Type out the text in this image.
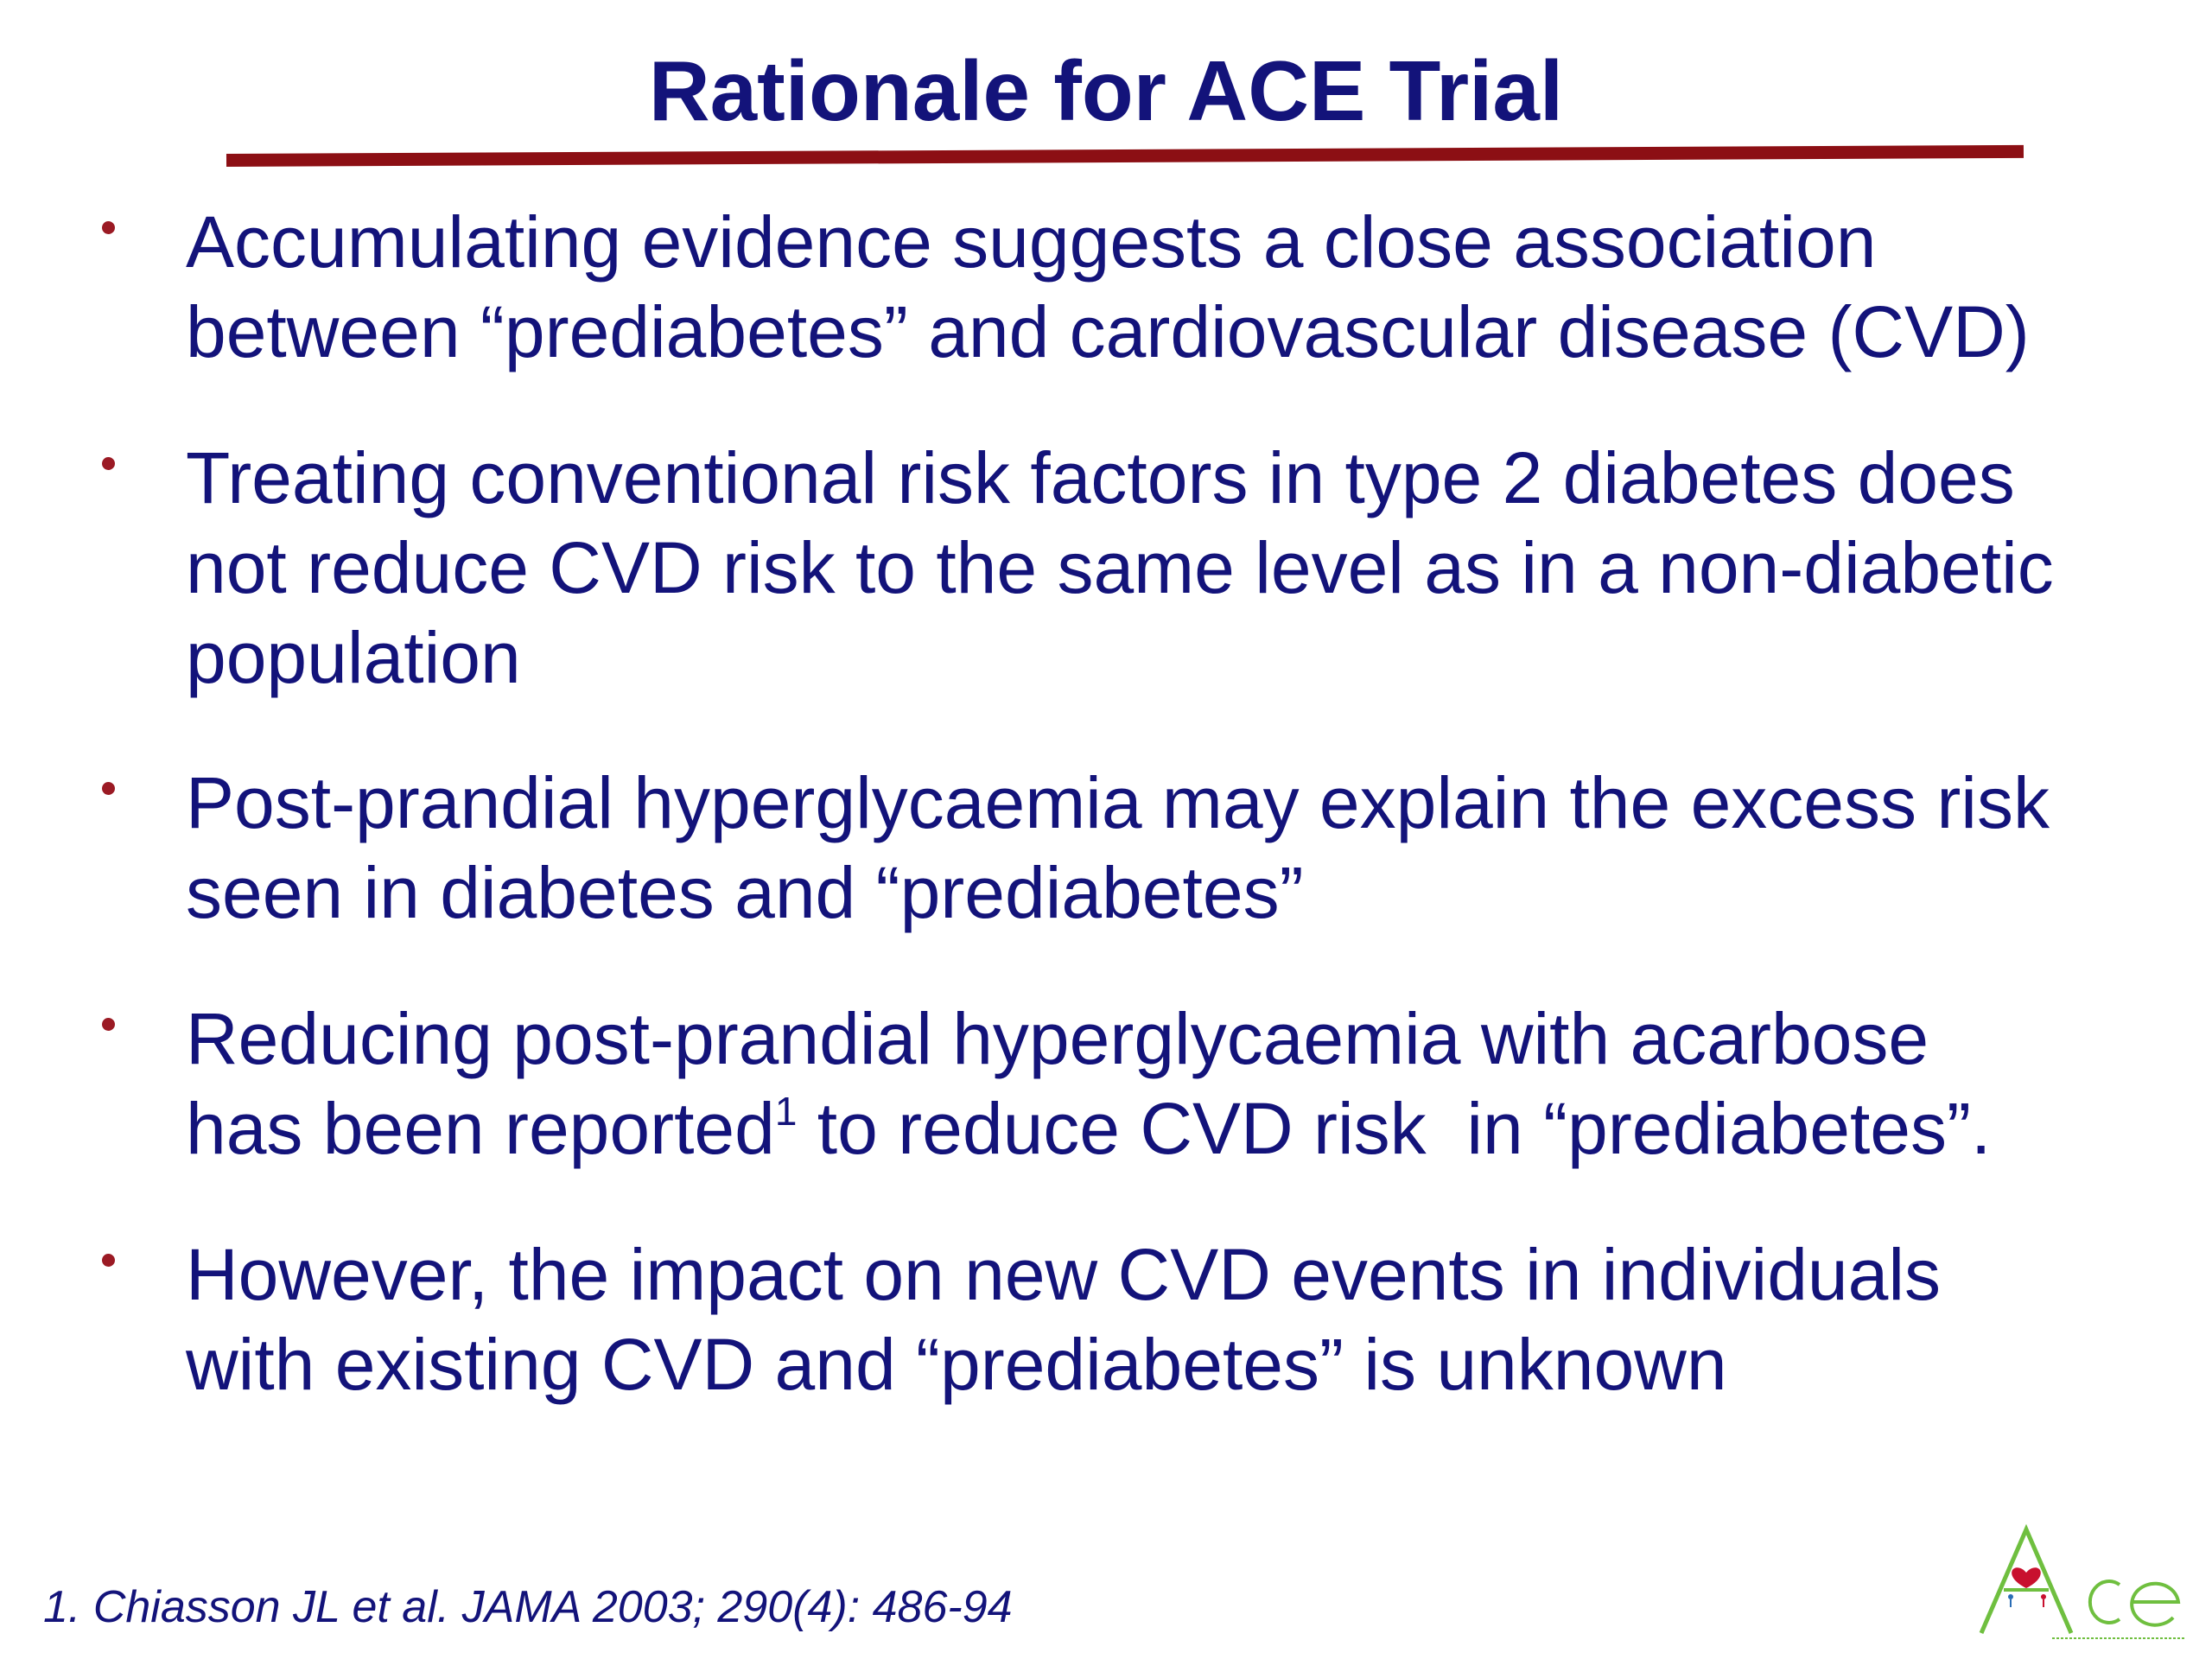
Rationale for ACE Trial
Accumulating evidence suggests a close association
between “prediabetes” and cardiovascular disease (CVD)
Treating conventional risk factors in type 2 diabetes does
not reduce CVD risk to the same level as in a non-diabetic
population
Post-prandial hyperglycaemia may explain the excess risk
seen in diabetes and “prediabetes”
Reducing post-prandial hyperglycaemia with acarbose
has been reported$^1$ to reduce CVD risk  in “prediabetes”.
However, the impact on new CVD events in individuals
with existing CVD and “prediabetes” is unknown
1. Chiasson JL et al. JAMA 2003; 290(4): 486-94
